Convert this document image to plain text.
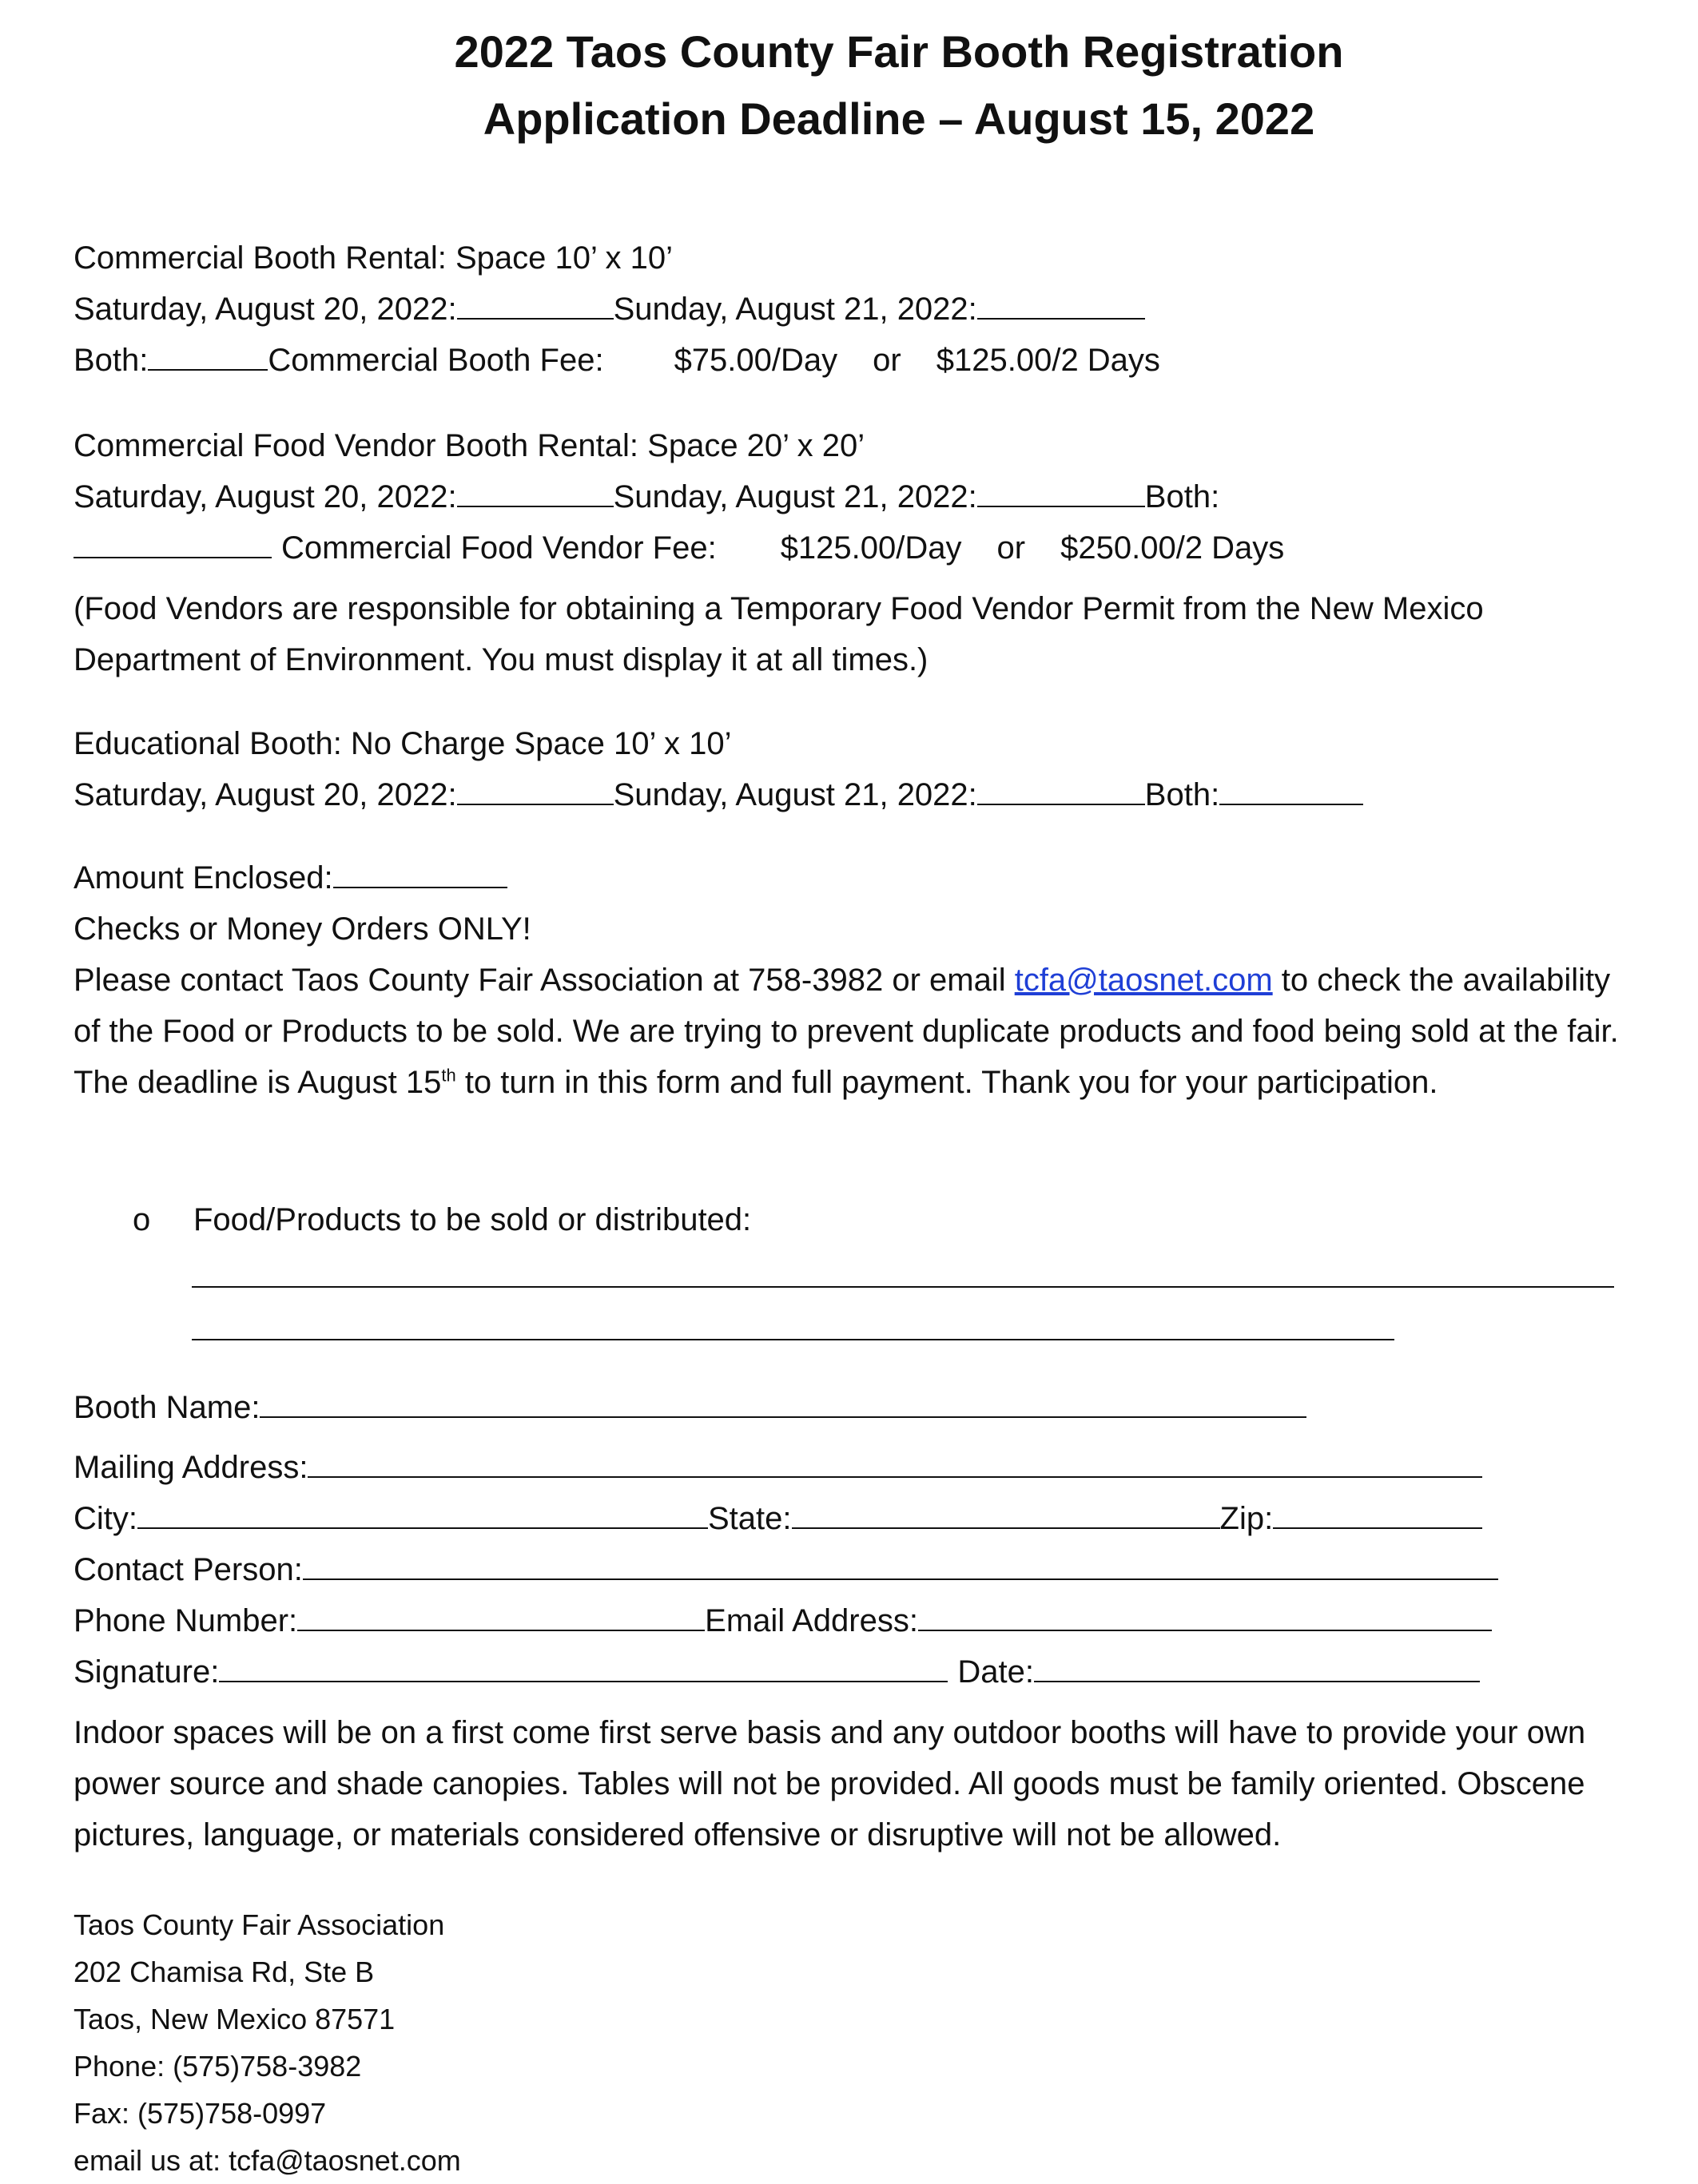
2022 Taos County Fair Booth Registration
Application Deadline – August 15, 2022
Commercial Booth Rental: Space 10’ x 10’
Saturday, August 20, 2022:	Sunday, August 21, 2022:
Both:	Commercial Booth Fee: $75.00/Day or $125.00/2 Days
Commercial Food Vendor Booth Rental: Space 20’ x 20’
Saturday, August 20, 2022:	Sunday, August 21, 2022:	Both:
Commercial Food Vendor Fee: $125.00/Day or $250.00/2 Days
(Food Vendors are responsible for obtaining a Temporary Food Vendor Permit from the New Mexico Department of Environment. You must display it at all times.)
Educational Booth: No Charge Space 10’ x 10’
Saturday, August 20, 2022:	Sunday, August 21, 2022:	Both:
Amount Enclosed:
Checks or Money Orders ONLY!
Please contact Taos County Fair Association at 758-3982 or email tcfa@taosnet.com to check the availability of the Food or Products to be sold. We are trying to prevent duplicate products and food being sold at the fair. The deadline is August 15th to turn in this form and full payment. Thank you for your participation.
o Food/Products to be sold or distributed:
Booth Name:
Mailing Address:
City:	State:	Zip:
Contact Person:
Phone Number:	Email Address:
Signature:	Date:
Indoor spaces will be on a first come first serve basis and any outdoor booths will have to provide your own power source and shade canopies. Tables will not be provided. All goods must be family oriented. Obscene pictures, language, or materials considered offensive or disruptive will not be allowed.
Taos County Fair Association
202 Chamisa Rd, Ste B
Taos, New Mexico 87571
Phone: (575)758-3982
Fax: (575)758-0997
email us at: tcfa@taosnet.com
